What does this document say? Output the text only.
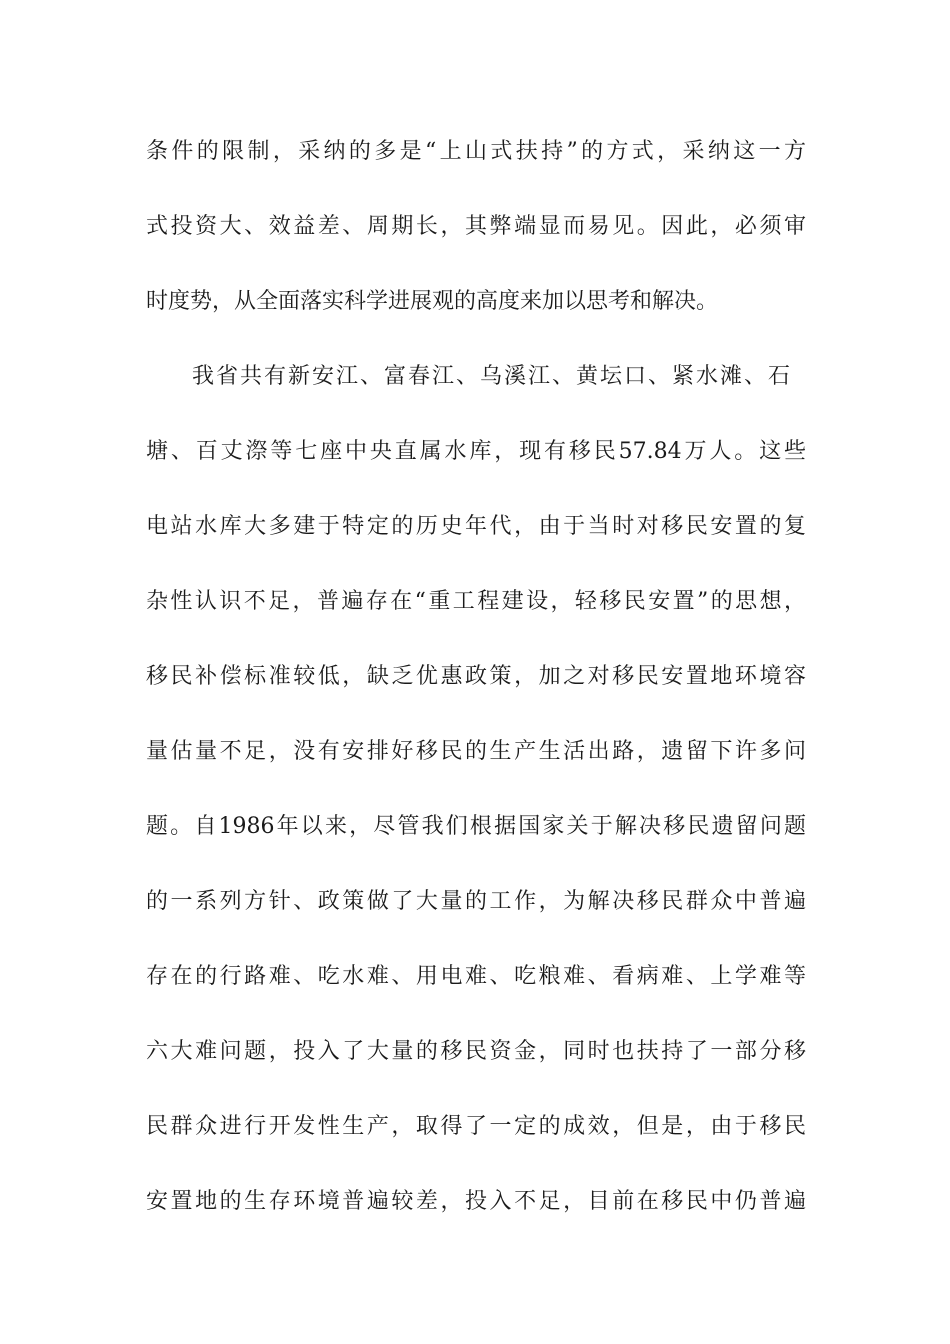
条件的限制，采纳的多是“上山式扶持”的方式，采纳这一方
式投资大、效益差、周期长，其弊端显而易见。因此，必须审
时度势，从全面落实科学进展观的高度来加以思考和解决。
我省共有新安江、富春江、乌溪江、黄坛口、紧水滩、石
塘、百丈漈等七座中央直属水库，现有移民57.84万人。这些
电站水库大多建于特定的历史年代，由于当时对移民安置的复
杂性认识不足，普遍存在“重工程建设，轻移民安置”的思想，
移民补偿标准较低，缺乏优惠政策，加之对移民安置地环境容
量估量不足，没有安排好移民的生产生活出路，遗留下许多问
题。自1986年以来，尽管我们根据国家关于解决移民遗留问题
的一系列方针、政策做了大量的工作，为解决移民群众中普遍
存在的行路难、吃水难、用电难、吃粮难、看病难、上学难等
六大难问题，投入了大量的移民资金，同时也扶持了一部分移
民群众进行开发性生产，取得了一定的成效，但是，由于移民
安置地的生存环境普遍较差，投入不足，目前在移民中仍普遍
